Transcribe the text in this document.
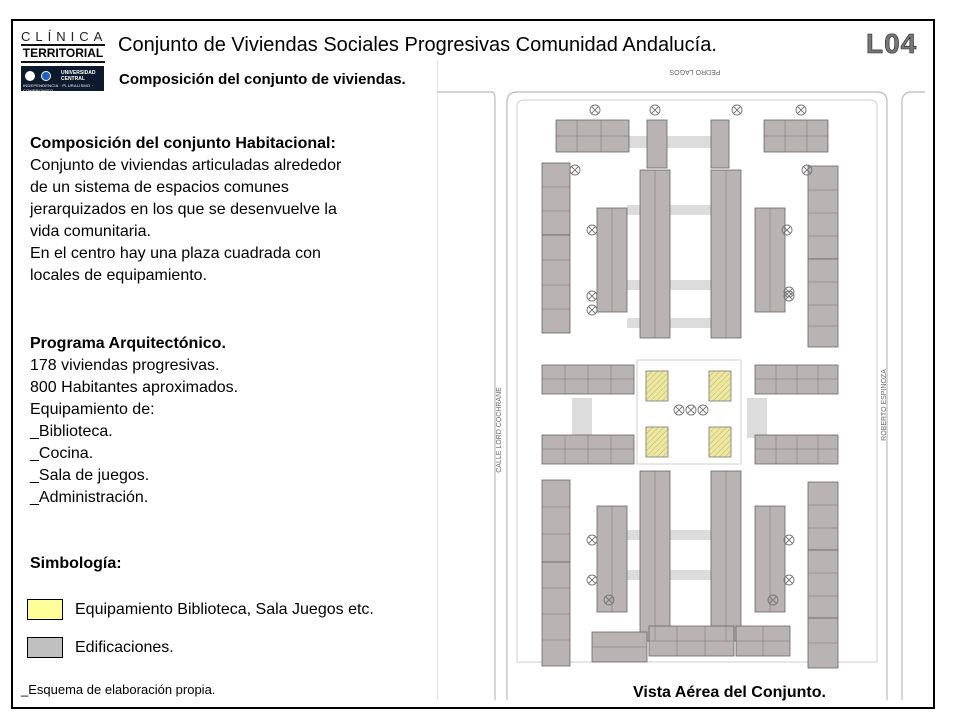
CLÍNICA
TERRITORIAL
UNIVERSIDAD CENTRAL
INDEPENDENCIA · PLURALISMO · COMPROMISO
Conjunto de Viviendas Sociales Progresivas Comunidad Andalucía.	L04
Composición del conjunto de viviendas.
Composición del conjunto Habitacional:
Conjunto de viviendas articuladas alrededor
de un sistema de espacios comunes
jerarquizados en los que se desenvuelve la
vida comunitaria.
En el centro hay una plaza cuadrada con
locales de equipamiento.
Programa Arquitectónico.
178 viviendas progresivas.
800 Habitantes aproximados.
Equipamiento de:
_Biblioteca.
_Cocina.
_Sala de juegos.
_Administración.
Simbología:
Equipamiento Biblioteca, Sala Juegos etc.
Edificaciones.
_Esquema de elaboración propia.
PEDRO LAGOS
CALLE LORD COCHRANE	ROBERTO ESPINOZA
Vista Aérea del Conjunto.
